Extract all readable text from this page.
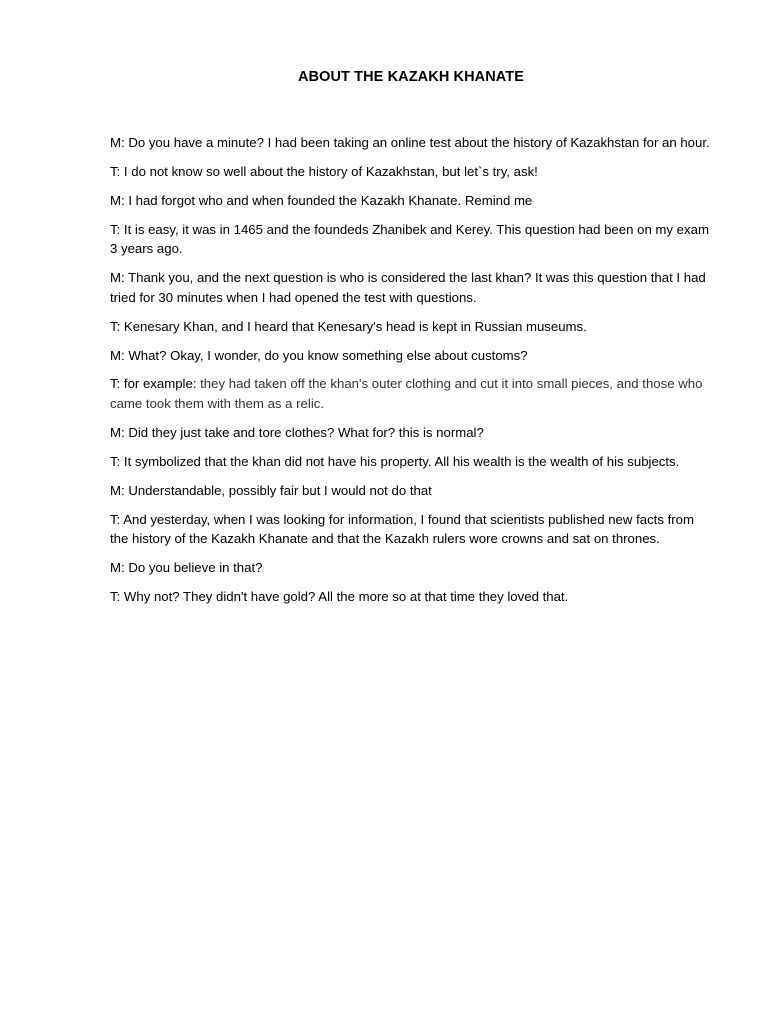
ABOUT THE KAZAKH KHANATE

M: Do you have a minute? I had been taking an online test about the history of Kazakhstan for an hour.

T: I do not know so well about the history of Kazakhstan, but let`s try, ask!

M: I had forgot who and when founded the Kazakh Khanate. Remind me

T: It is easy, it was in 1465 and the foundeds Zhanibek and Kerey. This question had been on my exam 3 years ago.

M: Thank you, and the next question is who is considered the last khan? It was this question that I had tried for 30 minutes when I had opened the test with questions.

T: Kenesary Khan, and I heard that Kenesary's head is kept in Russian museums.

M: What? Okay, I wonder, do you know something else about customs?

T: for example: they had taken off the khan's outer clothing and cut it into small pieces, and those who came took them with them as a relic.

M: Did they just take and tore clothes? What for? this is normal?

T: It symbolized that the khan did not have his property. All his wealth is the wealth of his subjects.

M: Understandable, possibly fair but I would not do that

T: And yesterday, when I was looking for information, I found that scientists published new facts from the history of the Kazakh Khanate and that the Kazakh rulers wore crowns and sat on thrones.

M: Do you believe in that?

T: Why not? They didn't have gold? All the more so at that time they loved that.
